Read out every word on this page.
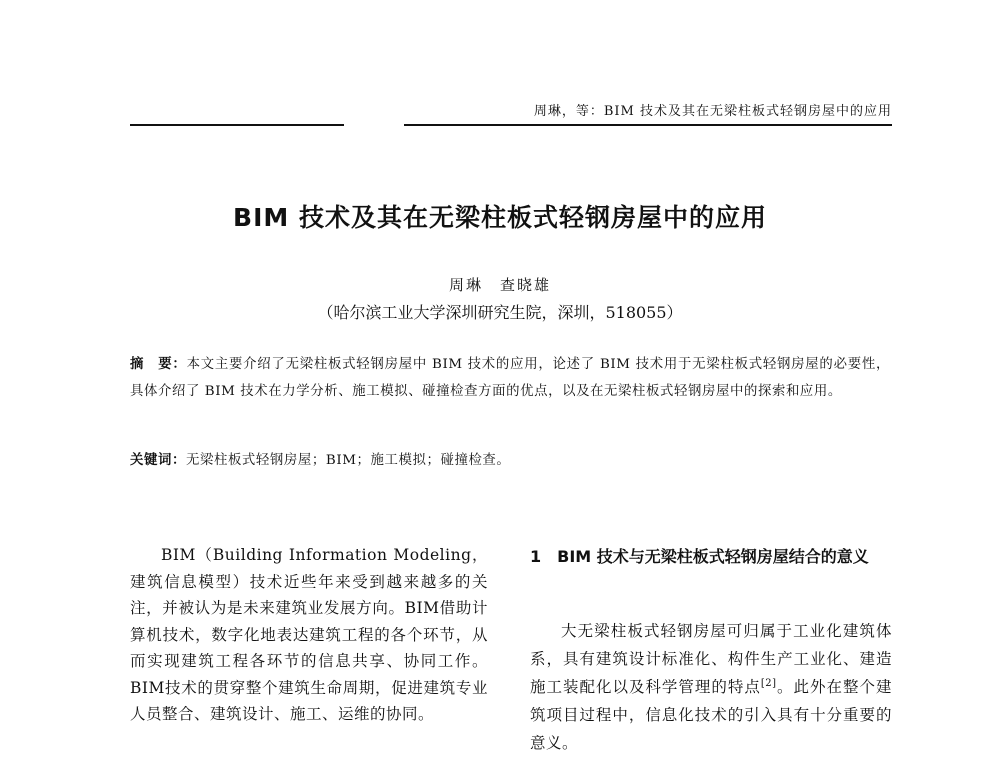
周琳，等：BIM 技术及其在无梁柱板式轻钢房屋中的应用
BIM 技术及其在无梁柱板式轻钢房屋中的应用
周琳　查晓雄
（哈尔滨工业大学深圳研究生院，深圳，518055）
摘　要：本文主要介绍了无梁柱板式轻钢房屋中 BIM 技术的应用，论述了 BIM 技术用于无梁柱板式轻钢房屋的必要性，具体介绍了 BIM 技术在力学分析、施工模拟、碰撞检查方面的优点，以及在无梁柱板式轻钢房屋中的探索和应用。
关键词：无梁柱板式轻钢房屋；BIM；施工模拟；碰撞检查。
BIM（Building Information Modeling，建筑信息模型）技术近些年来受到越来越多的关注，并被认为是未来建筑业发展方向。BIM借助计算机技术，数字化地表达建筑工程的各个环节，从而实现建筑工程各环节的信息共享、协同工作。BIM技术的贯穿整个建筑生命周期，促进建筑专业人员整合、建筑设计、施工、运维的协同。
1　BIM 技术与无梁柱板式轻钢房屋结合的意义
大无梁柱板式轻钢房屋可归属于工业化建筑体系，具有建筑设计标准化、构件生产工业化、建造施工装配化以及科学管理的特点[2]。此外在整个建筑项目过程中，信息化技术的引入具有十分重要的意义。
